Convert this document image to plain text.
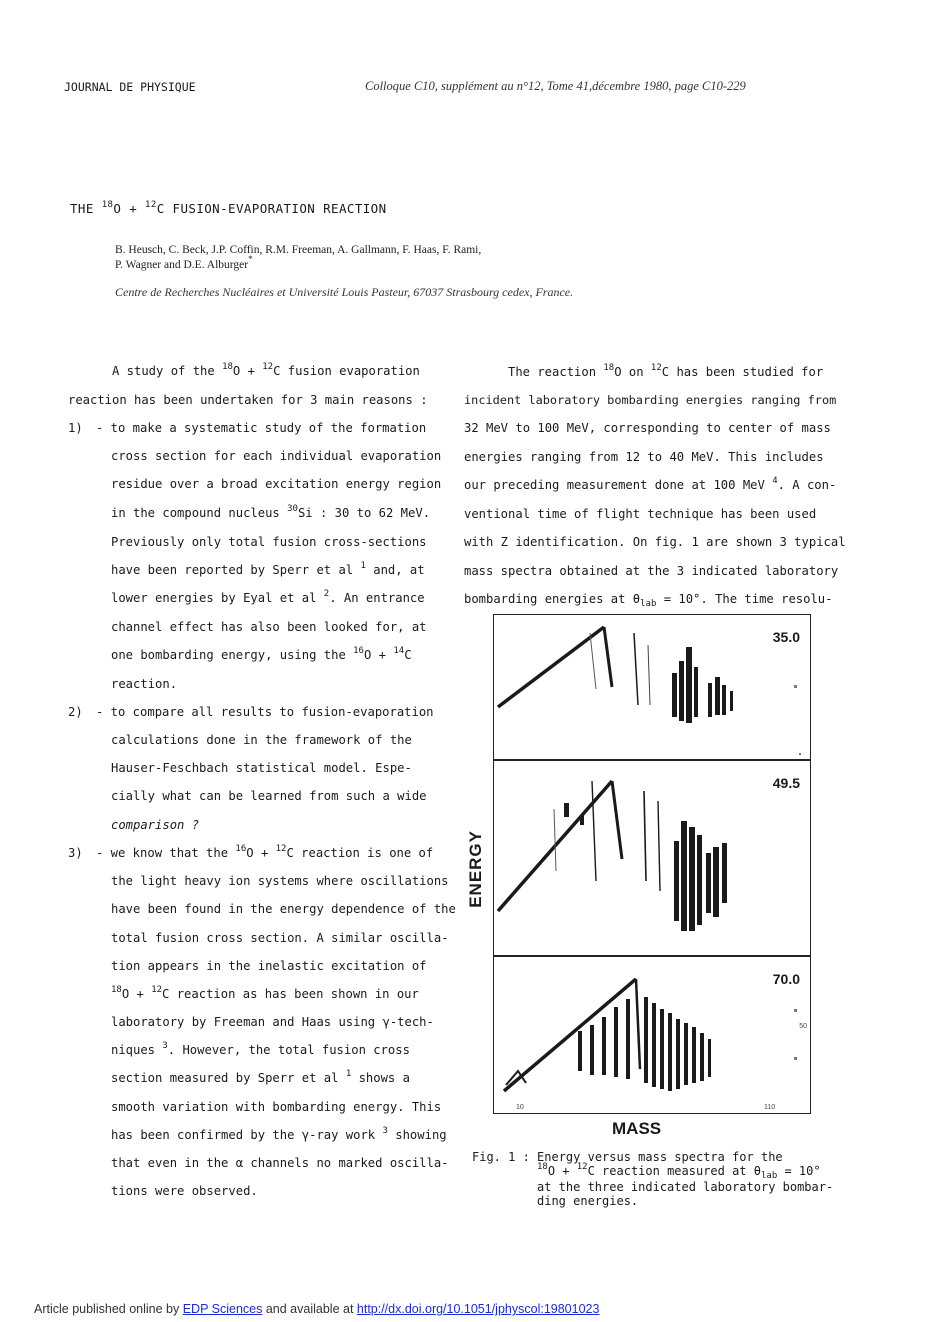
JOURNAL DE PHYSIQUE	Colloque C10, supplément au n°12, Tome 41,décembre 1980, page C10-229
THE $^{18}$O + $^{12}$C FUSION-EVAPORATION REACTION
B. Heusch, C. Beck, J.P. Coffin, R.M. Freeman, A. Gallmann, F. Haas, F. Rami,
P. Wagner and D.E. Alburger*
Centre de Recherches Nucléaires et Université Louis Pasteur, 67037 Strasbourg cedex, France.
A study of the $^{18}$O + $^{12}$C fusion evaporation
reaction has been undertaken for 3 main reasons :
1) - to make a systematic study of the formation
cross section for each individual evaporation
residue over a broad excitation energy region
in the compound nucleus $^{30}$Si : 30 to 62 MeV.
Previously only total fusion cross-sections
have been reported by Sperr et al $^1$ and, at
lower energies by Eyal et al $^2$. An entrance
channel effect has also been looked for, at
one bombarding energy, using the $^{16}$O + $^{14}$C
reaction.
2) - to compare all results to fusion-evaporation
calculations done in the framework of the
Hauser-Feschbach statistical model. Espe-
cially what can be learned from such a wide
comparison ?
3) - we know that the $^{16}$O + $^{12}$C reaction is one of
the light heavy ion systems where oscillations
have been found in the energy dependence of the
total fusion cross section. A similar oscilla-
tion appears in the inelastic excitation of
$^{18}$O + $^{12}$C reaction as has been shown in our
laboratory by Freeman and Haas using γ-tech-
niques $^3$. However, the total fusion cross
section measured by Sperr et al $^1$ shows a
smooth variation with bombarding energy. This
has been confirmed by the γ-ray work $^3$ showing
that even in the α channels no marked oscilla-
tions were observed.
The reaction $^{18}$O on $^{12}$C has been studied for
incident laboratory bombarding energies ranging from
32 MeV to 100 MeV, corresponding to center of mass
energies ranging from 12 to 40 MeV. This includes
our preceding measurement done at 100 MeV $^4$. A con-
ventional time of flight technique has been used
with Z identification. On fig. 1 are shown 3 typical
mass spectra obtained at the 3 indicated laboratory
bombarding energies at $\theta_{lab} = 10^\circ$. The time resolu-
ENERGY
35.0
49.5
70.0
10	110
50
MASS
Fig. 1 : Energy versus mass spectra for the
$^{18}$O + $^{12}$C reaction measured at $\theta_{lab} = 10^\circ$
at the three indicated laboratory bombar-
ding energies.
Article published online by EDP Sciences and available at http://dx.doi.org/10.1051/jphyscol:19801023
